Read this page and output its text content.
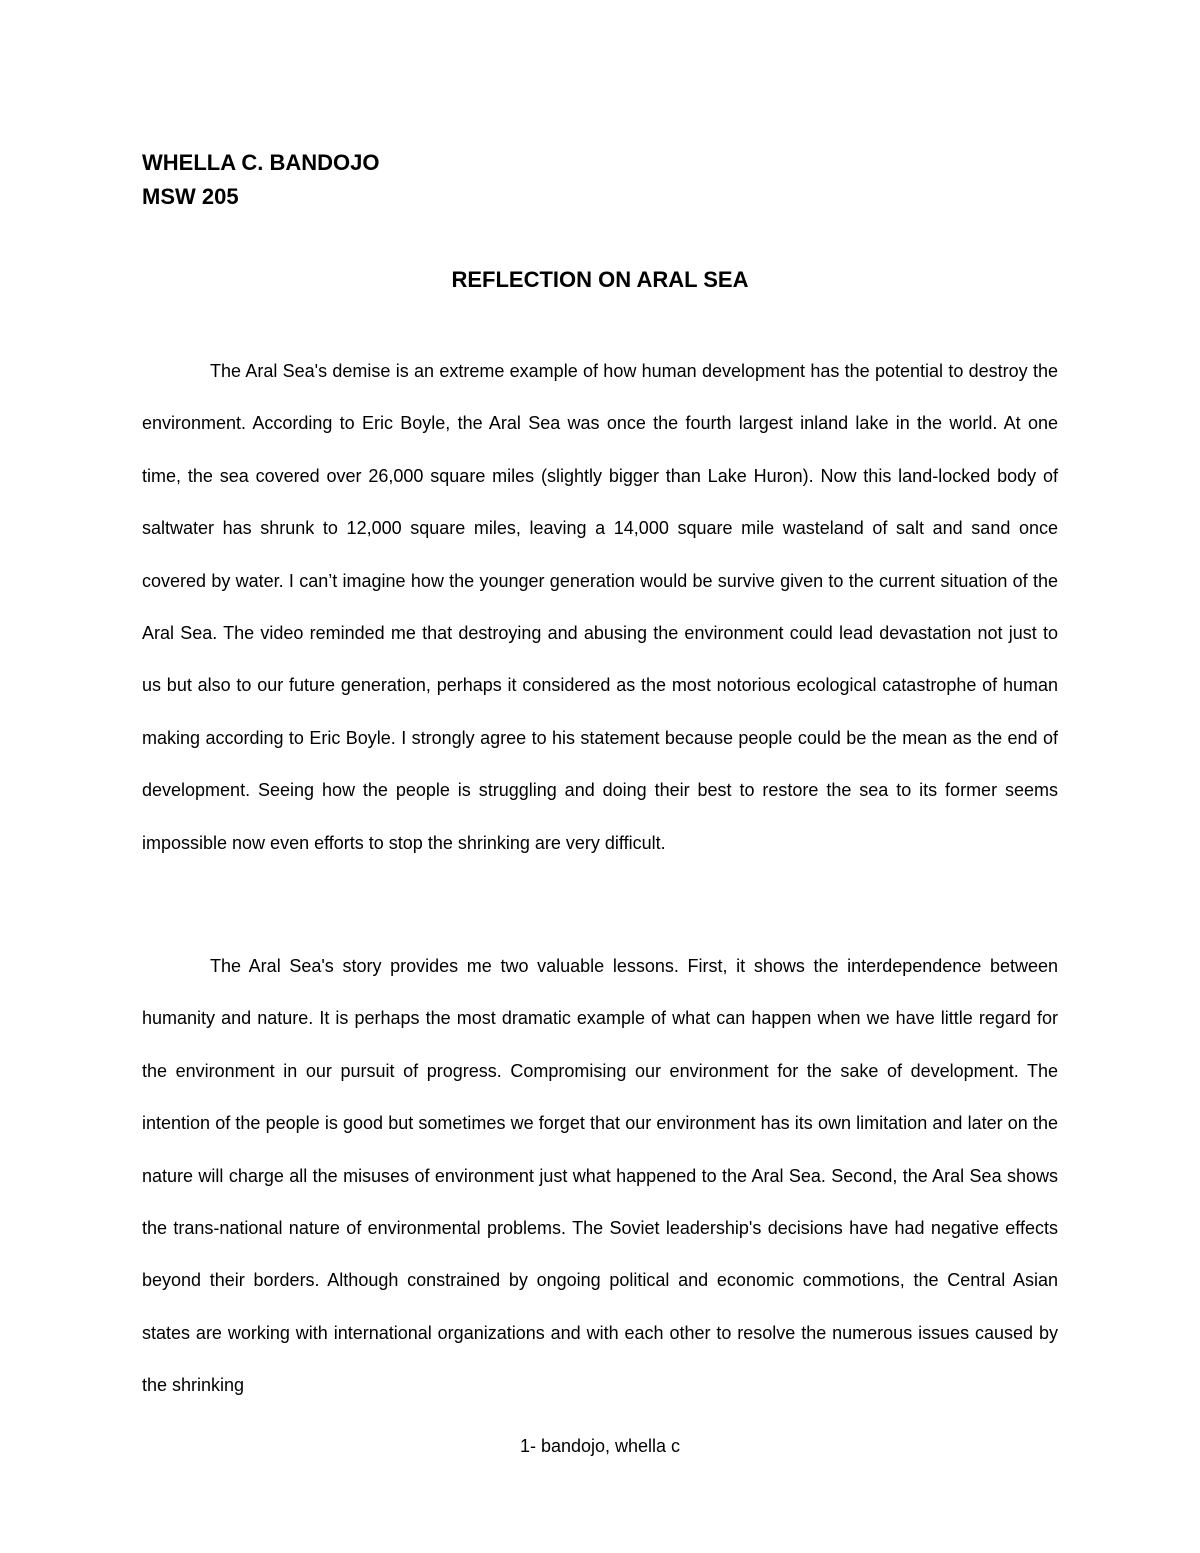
WHELLA C. BANDOJO
MSW 205
REFLECTION ON ARAL SEA

The Aral Sea's demise is an extreme example of how human development has the potential to destroy the environment. According to Eric Boyle, the Aral Sea was once the fourth largest inland lake in the world. At one time, the sea covered over 26,000 square miles (slightly bigger than Lake Huron). Now this land-locked body of saltwater has shrunk to 12,000 square miles, leaving a 14,000 square mile wasteland of salt and sand once covered by water. I can’t imagine how the younger generation would be survive given to the current situation of the Aral Sea. The video reminded me that destroying and abusing the environment could lead devastation not just to us but also to our future generation, perhaps it considered as the most notorious ecological catastrophe of human making according to Eric Boyle. I strongly agree to his statement because people could be the mean as the end of development. Seeing how the people is struggling and doing their best to restore the sea to its former seems impossible now even efforts to stop the shrinking are very difficult.

The Aral Sea's story provides me two valuable lessons. First, it shows the interdependence between humanity and nature. It is perhaps the most dramatic example of what can happen when we have little regard for the environment in our pursuit of progress. Compromising our environment for the sake of development. The intention of the people is good but sometimes we forget that our environment has its own limitation and later on the nature will charge all the misuses of environment just what happened to the Aral Sea. Second, the Aral Sea shows the trans-national nature of environmental problems. The Soviet leadership's decisions have had negative effects beyond their borders. Although constrained by ongoing political and economic commotions, the Central Asian states are working with international organizations and with each other to resolve the numerous issues caused by the shrinking

1- bandojo, whella c
